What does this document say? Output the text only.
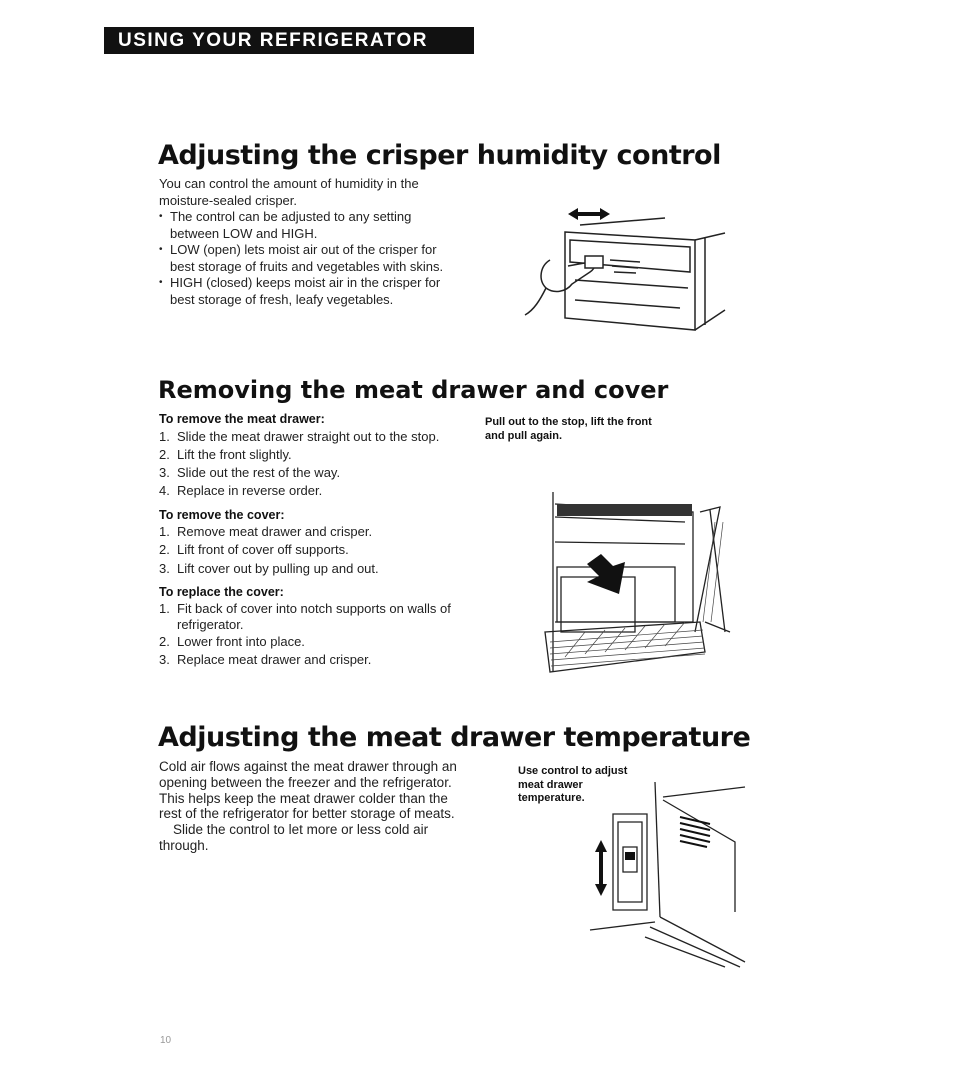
USING YOUR REFRIGERATOR
Adjusting the crisper humidity control

You can control the amount of humidity in the moisture-sealed crisper.

• The control can be adjusted to any setting between LOW and HIGH.

• LOW (open) lets moist air out of the crisper for best storage of fruits and vegetables with skins.

• HIGH (closed) keeps moist air in the crisper for best storage of fresh, leafy vegetables.

Removing the meat drawer and cover

To remove the meat drawer:

1. Slide the meat drawer straight out to the stop.
2. Lift the front slightly.
3. Slide out the rest of the way.
4. Replace in reverse order.

To remove the cover:

1. Remove meat drawer and crisper.
2. Lift front of cover off supports.
3. Lift cover out by pulling up and out.

To replace the cover:

1. Fit back of cover into notch supports on walls of refrigerator.
2. Lower front into place.
3. Replace meat drawer and crisper.
Pull out to the stop, lift the front and pull again.
Adjusting the meat drawer temperature

Cold air flows against the meat drawer through an opening between the freezer and the refrigerator. This helps keep the meat drawer colder than the rest of the refrigerator for better storage of meats.

Slide the control to let more or less cold air through.

Use control to adjust meat drawer temperature.
10
